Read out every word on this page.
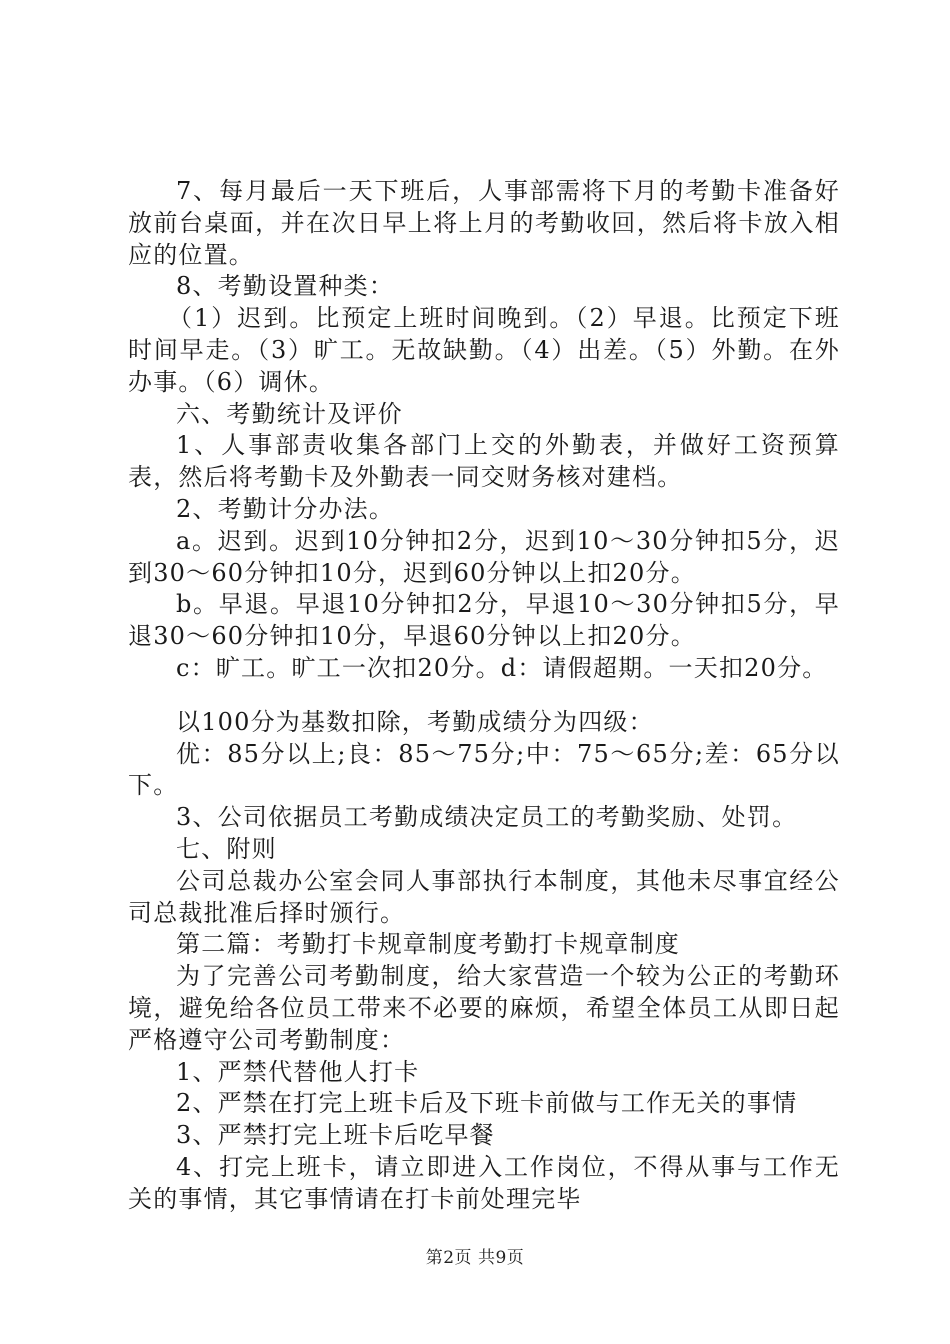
7、每月最后一天下班后，人事部需将下月的考勤卡准备好放前台桌面，并在次日早上将上月的考勤收回，然后将卡放入相应的位置。

8、考勤设置种类：

（1）迟到。比预定上班时间晚到。（2）早退。比预定下班时间早走。（3）旷工。无故缺勤。（4）出差。（5）外勤。在外办事。（6）调休。

六、考勤统计及评价

1、人事部责收集各部门上交的外勤表，并做好工资预算表，然后将考勤卡及外勤表一同交财务核对建档。

2、考勤计分办法。

a。迟到。迟到10分钟扣2分，迟到10～30分钟扣5分，迟到30～60分钟扣10分，迟到60分钟以上扣20分。

b。早退。早退10分钟扣2分，早退10～30分钟扣5分，早退30～60分钟扣10分，早退60分钟以上扣20分。

c：旷工。旷工一次扣20分。d：请假超期。一天扣20分。

以100分为基数扣除，考勤成绩分为四级：

优：85分以上;良：85～75分;中：75～65分;差：65分以下。

3、公司依据员工考勤成绩决定员工的考勤奖励、处罚。

七、附则

公司总裁办公室会同人事部执行本制度，其他未尽事宜经公司总裁批准后择时颁行。

第二篇：考勤打卡规章制度考勤打卡规章制度

为了完善公司考勤制度，给大家营造一个较为公正的考勤环境，避免给各位员工带来不必要的麻烦，希望全体员工从即日起严格遵守公司考勤制度：

1、严禁代替他人打卡

2、严禁在打完上班卡后及下班卡前做与工作无关的事情

3、严禁打完上班卡后吃早餐

4、打完上班卡，请立即进入工作岗位，不得从事与工作无关的事情，其它事情请在打卡前处理完毕

第2页 共9页
